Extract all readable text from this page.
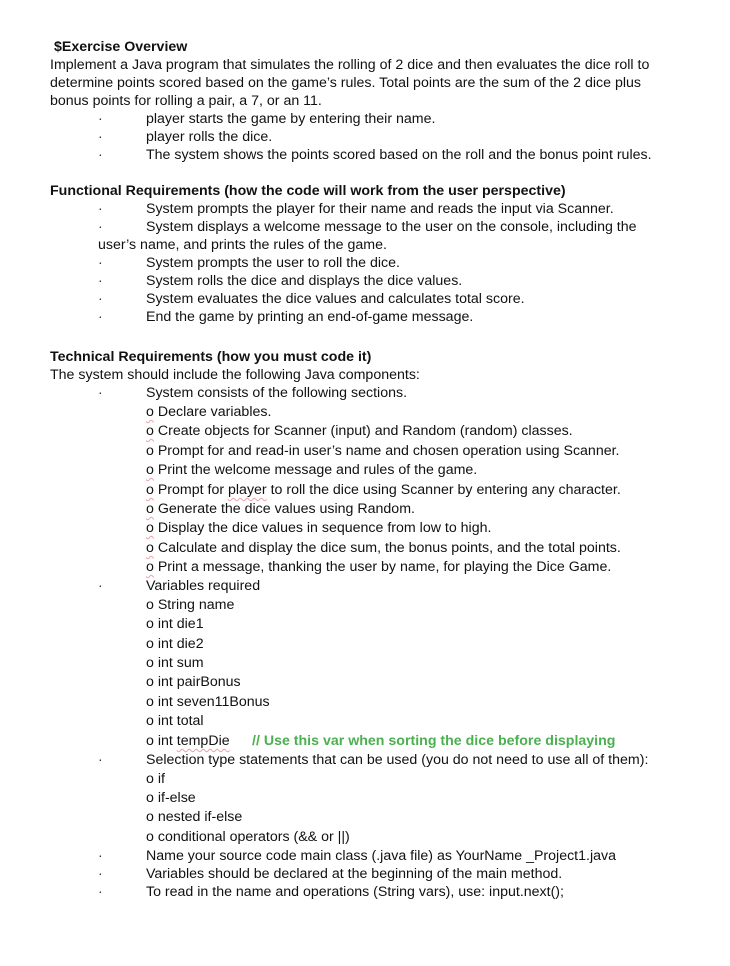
$Exercise Overview
Implement a Java program that simulates the rolling of 2 dice and then evaluates the dice roll to
determine points scored based on the game’s rules. Total points are the sum of the 2 dice plus
bonus points for rolling a pair, a 7, or an 11.
·	player starts the game by entering their name.
·	player rolls the dice.
·	The system shows the points scored based on the roll and the bonus point rules.
Functional Requirements (how the code will work from the user perspective)
·	System prompts the player for their name and reads the input via Scanner.
·	System displays a welcome message to the user on the console, including the
user’s name, and prints the rules of the game.
·	System prompts the user to roll the dice.
·	System rolls the dice and displays the dice values.
·	System evaluates the dice values and calculates total score.
·	End the game by printing an end-of-game message.
Technical Requirements (how you must code it)
The system should include the following Java components:
·	System consists of the following sections.
o Declare variables.
o Create objects for Scanner (input) and Random (random) classes.
o Prompt for and read-in user’s name and chosen operation using Scanner.
o Print the welcome message and rules of the game.
o Prompt for player to roll the dice using Scanner by entering any character.
o Generate the dice values using Random.
o Display the dice values in sequence from low to high.
o Calculate and display the dice sum, the bonus points, and the total points.
o Print a message, thanking the user by name, for playing the Dice Game.
·	Variables required
o String name
o int die1
o int die2
o int sum
o int pairBonus
o int seven11Bonus
o int total
o int tempDie // Use this var when sorting the dice before displaying
·	Selection type statements that can be used (you do not need to use all of them):
o if
o if-else
o nested if-else
o conditional operators (&& or ||)
·	Name your source code main class (.java file) as YourName _Project1.java
·	Variables should be declared at the beginning of the main method.
·	To read in the name and operations (String vars), use: input.next();
